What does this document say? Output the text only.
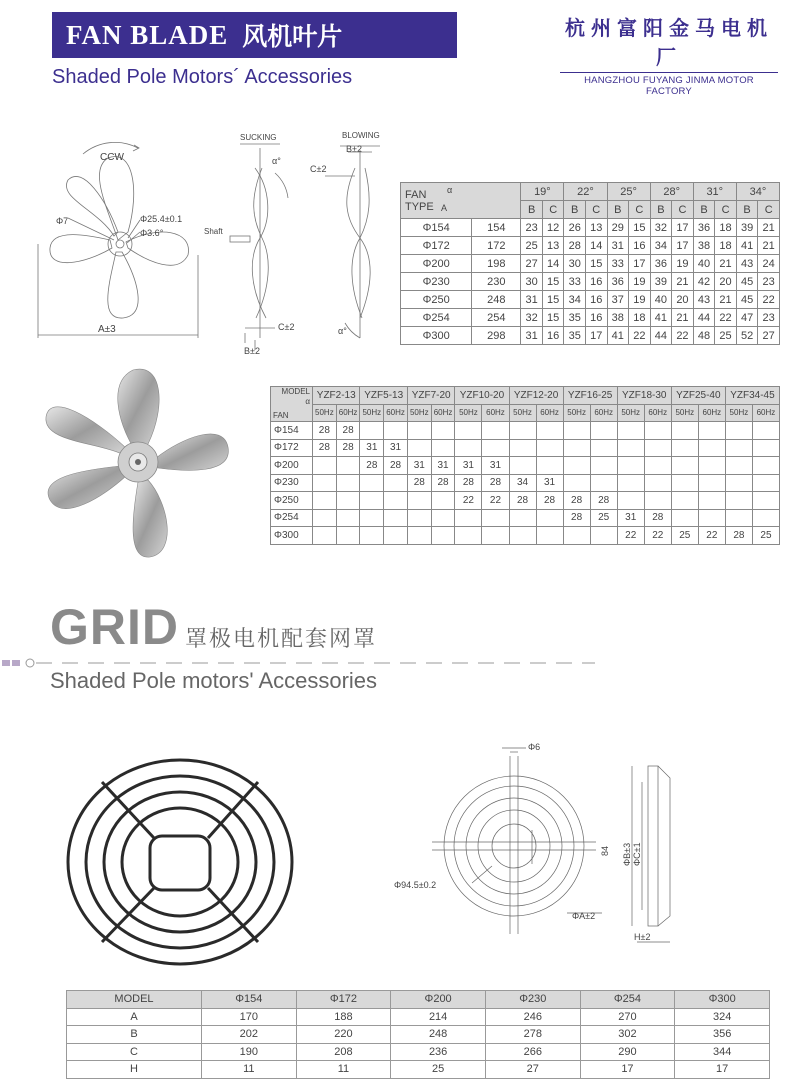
FAN BLADE 风机叶片
Shaded Pole Motors´ Accessories
杭州富阳金马电机厂
HANGZHOU FUYANG JINMA MOTOR FACTORY
CCW
Φ7	Φ25.4±0.1
Φ3.6°
A±3
SUCKING	BLOWING
Shaft
α°
B±2
C±2
C±2
B±2
α°
FAN
TYPE
α
A		19°		22°		25°		28°		31°		34°	
		B	C	B	C	B	C	B	C	B	C	B	C
Φ154	154	23	12	26	13	29	15	32	17	36	18	39	21
Φ172	172	25	13	28	14	31	16	34	17	38	18	41	21
Φ200	198	27	14	30	15	33	17	36	19	40	21	43	24
Φ230	230	30	15	33	16	36	19	39	21	42	20	45	23
Φ250	248	31	15	34	16	37	19	40	20	43	21	45	22
Φ254	254	32	15	35	16	38	18	41	21	44	22	47	23
Φ300	298	31	16	35	17	41	22	44	22	48	25	52	27
MODEL
α
FAN	YZF2-13		YZF5-13		YZF7-20		YZF10-20		YZF12-20		YZF16-25		YZF18-30		YZF25-40		YZF34-45	
	50Hz	60Hz	50Hz	60Hz	50Hz	60Hz	50Hz	60Hz	50Hz	60Hz	50Hz	60Hz	50Hz	60Hz	50Hz	60Hz	50Hz	60Hz
Φ154	28	28																
Φ172	28	28	31	31														
Φ200			28	28	31	31	31	31										
Φ230					28	28	28	28	34	31								
Φ250							22	22	28	28	28	28						
Φ254											28	25	31	28				
Φ300													22	22	25	22	28	25
GRID 罩极电机配套网罩
Shaded Pole motors' Accessories
Φ6
Φ94.5±0.2
ΦA±2
84 ΦB±3 ΦC±1
H±2
MODEL	Φ154	Φ172	Φ200	Φ230	Φ254	Φ300
A	170	188	214	246	270	324
B	202	220	248	278	302	356
C	190	208	236	266	290	344
H	11	11	25	27	17	17
